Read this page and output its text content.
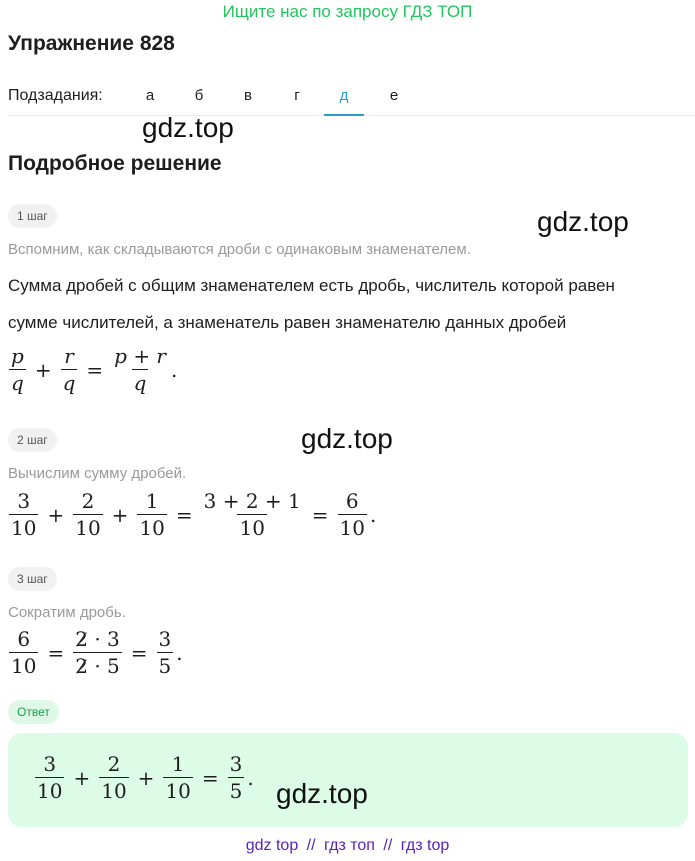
Ищите нас по запросу ГДЗ ТОП
Упражнение 828
Подзадания:	а	б	в	г	д	е
gdz.top
Подробное решение
gdz.top
1 шаг
Вспомним, как складываются дроби с одинаковым знаменателем.
Сумма дробей с общим знаменателем есть дробь, числитель которой равен
сумме числителей, а знаменатель равен знаменателю данных дробей
$\frac{p}{q} + \frac{r}{q} = \frac{p + r}{q}$ .
gdz.top
2 шаг
Вычислим сумму дробей.
$\frac{3}{10} + \frac{2}{10} + \frac{1}{10} = \frac{3 + 2 + 1}{10} = \frac{6}{10}$ .
3 шаг
Сократим дробь.
$\frac{6}{10} = \frac{2 \cdot 3}{2 \cdot 5} = \frac{3}{5}$ .
Ответ
$\frac{3}{10} + \frac{2}{10} + \frac{1}{10} = \frac{3}{5}$ .
gdz.top
gdz top // гдз топ // гдз top
